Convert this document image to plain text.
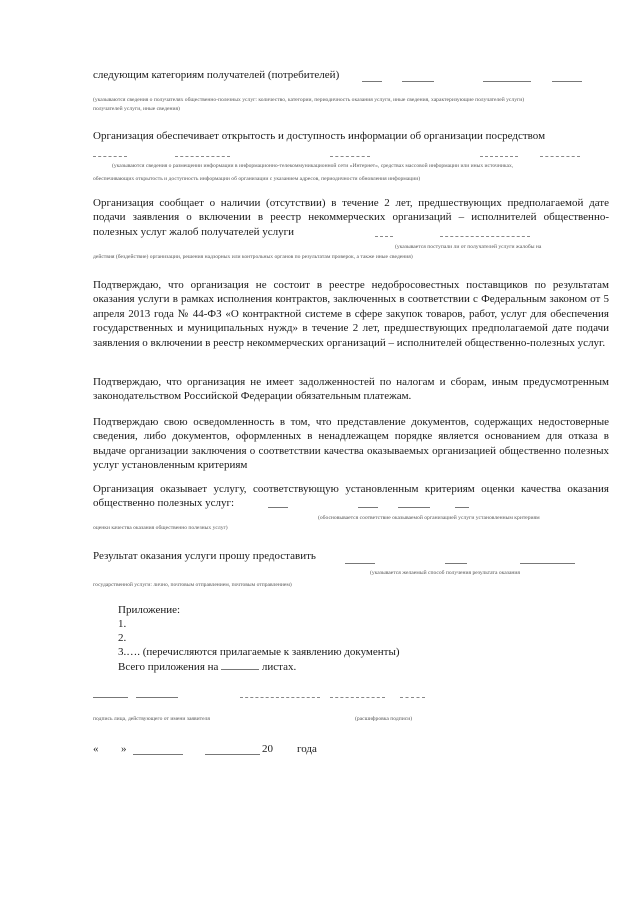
следующим категориям получателей (потребителей)
(указываются сведения о получателях общественно-полезных услуг: количество, категории, периодичность оказания услуги, иные сведения, характеризующие получателей услуги)
получателей услуги, иные сведения)
Организация обеспечивает открытость и доступность информации об организации посредством
(указываются сведения о размещении информации в информационно-телекоммуникационной сети «Интернет», средствах массовой информации или иных источниках,
обеспечивающих открытость и доступность информации об организации с указанием адресов, периодичности обновления информации)
Организация сообщает о наличии (отсутствии) в течение 2 лет, предшествующих предполагаемой дате подачи заявления о включении в реестр некоммерческих организаций – исполнителей общественно-полезных услуг жалоб получателей услуги
(указывается поступали ли от получателей услуги жалобы на
действия (бездействие) организации, решения надзорных или контрольных органов по результатам проверок, а также иные сведения)
Подтверждаю, что организация не состоит в реестре недобросовестных поставщиков по результатам оказания услуги в рамках исполнения контрактов, заключенных в соответствии с Федеральным законом от 5 апреля 2013 года № 44-ФЗ «О контрактной системе в сфере закупок товаров, работ, услуг для обеспечения государственных и муниципальных нужд» в течение 2 лет, предшествующих предполагаемой дате подачи заявления о включении в реестр некоммерческих организаций – исполнителей общественно-полезных услуг.
Подтверждаю, что организация не имеет задолженностей по налогам и сборам, иным предусмотренным законодательством Российской Федерации обязательным платежам.
Подтверждаю свою осведомленность в том, что представление документов, содержащих недостоверные сведения, либо документов, оформленных в ненадлежащем порядке является основанием для отказа в выдаче организации заключения о соответствии качества оказываемых организацией общественно полезных услуг установленным критериям
Организация оказывает услугу, соответствующую установленным критериям оценки качества оказания общественно полезных услуг:
(обосновывается соответствие оказываемой организацией услуги установленным критериям
оценки качества оказания общественно полезных услуг)
Результат оказания услуги прошу предоставить
(указывается желаемый способ получения результата оказания
государственной услуги: лично, почтовым отправлением, почтовым отправлением)
Приложение:
1.
2.
3.…. (перечисляются прилагаемые к заявлению документы)
Всего приложения на	листах.
подпись лица, действующего от имени заявителя	(расшифровка подписи)
« »	20 года
